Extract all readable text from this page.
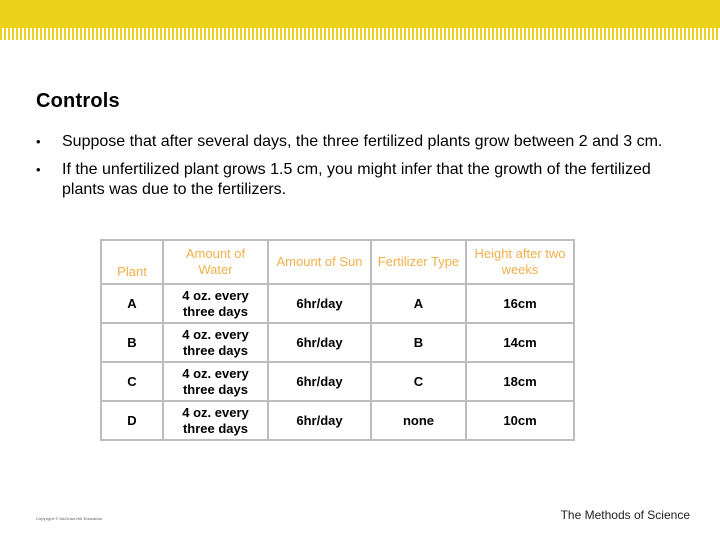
Controls
• Suppose that after several days, the three fertilized plants grow between 2 and 3 cm.
• If the unfertilized plant grows 1.5 cm, you might infer that the growth of the fertilized plants was due to the fertilizers.
Plant	Amount of Water	Amount of Sun	Fertilizer Type	Height after two weeks
A	4 oz. every three days	6hr/day	A	16cm
B	4 oz. every three days	6hr/day	B	14cm
C	4 oz. every three days	6hr/day	C	18cm
D	4 oz. every three days	6hr/day	none	10cm
Copyright © McGraw-Hill Education	The Methods of Science
